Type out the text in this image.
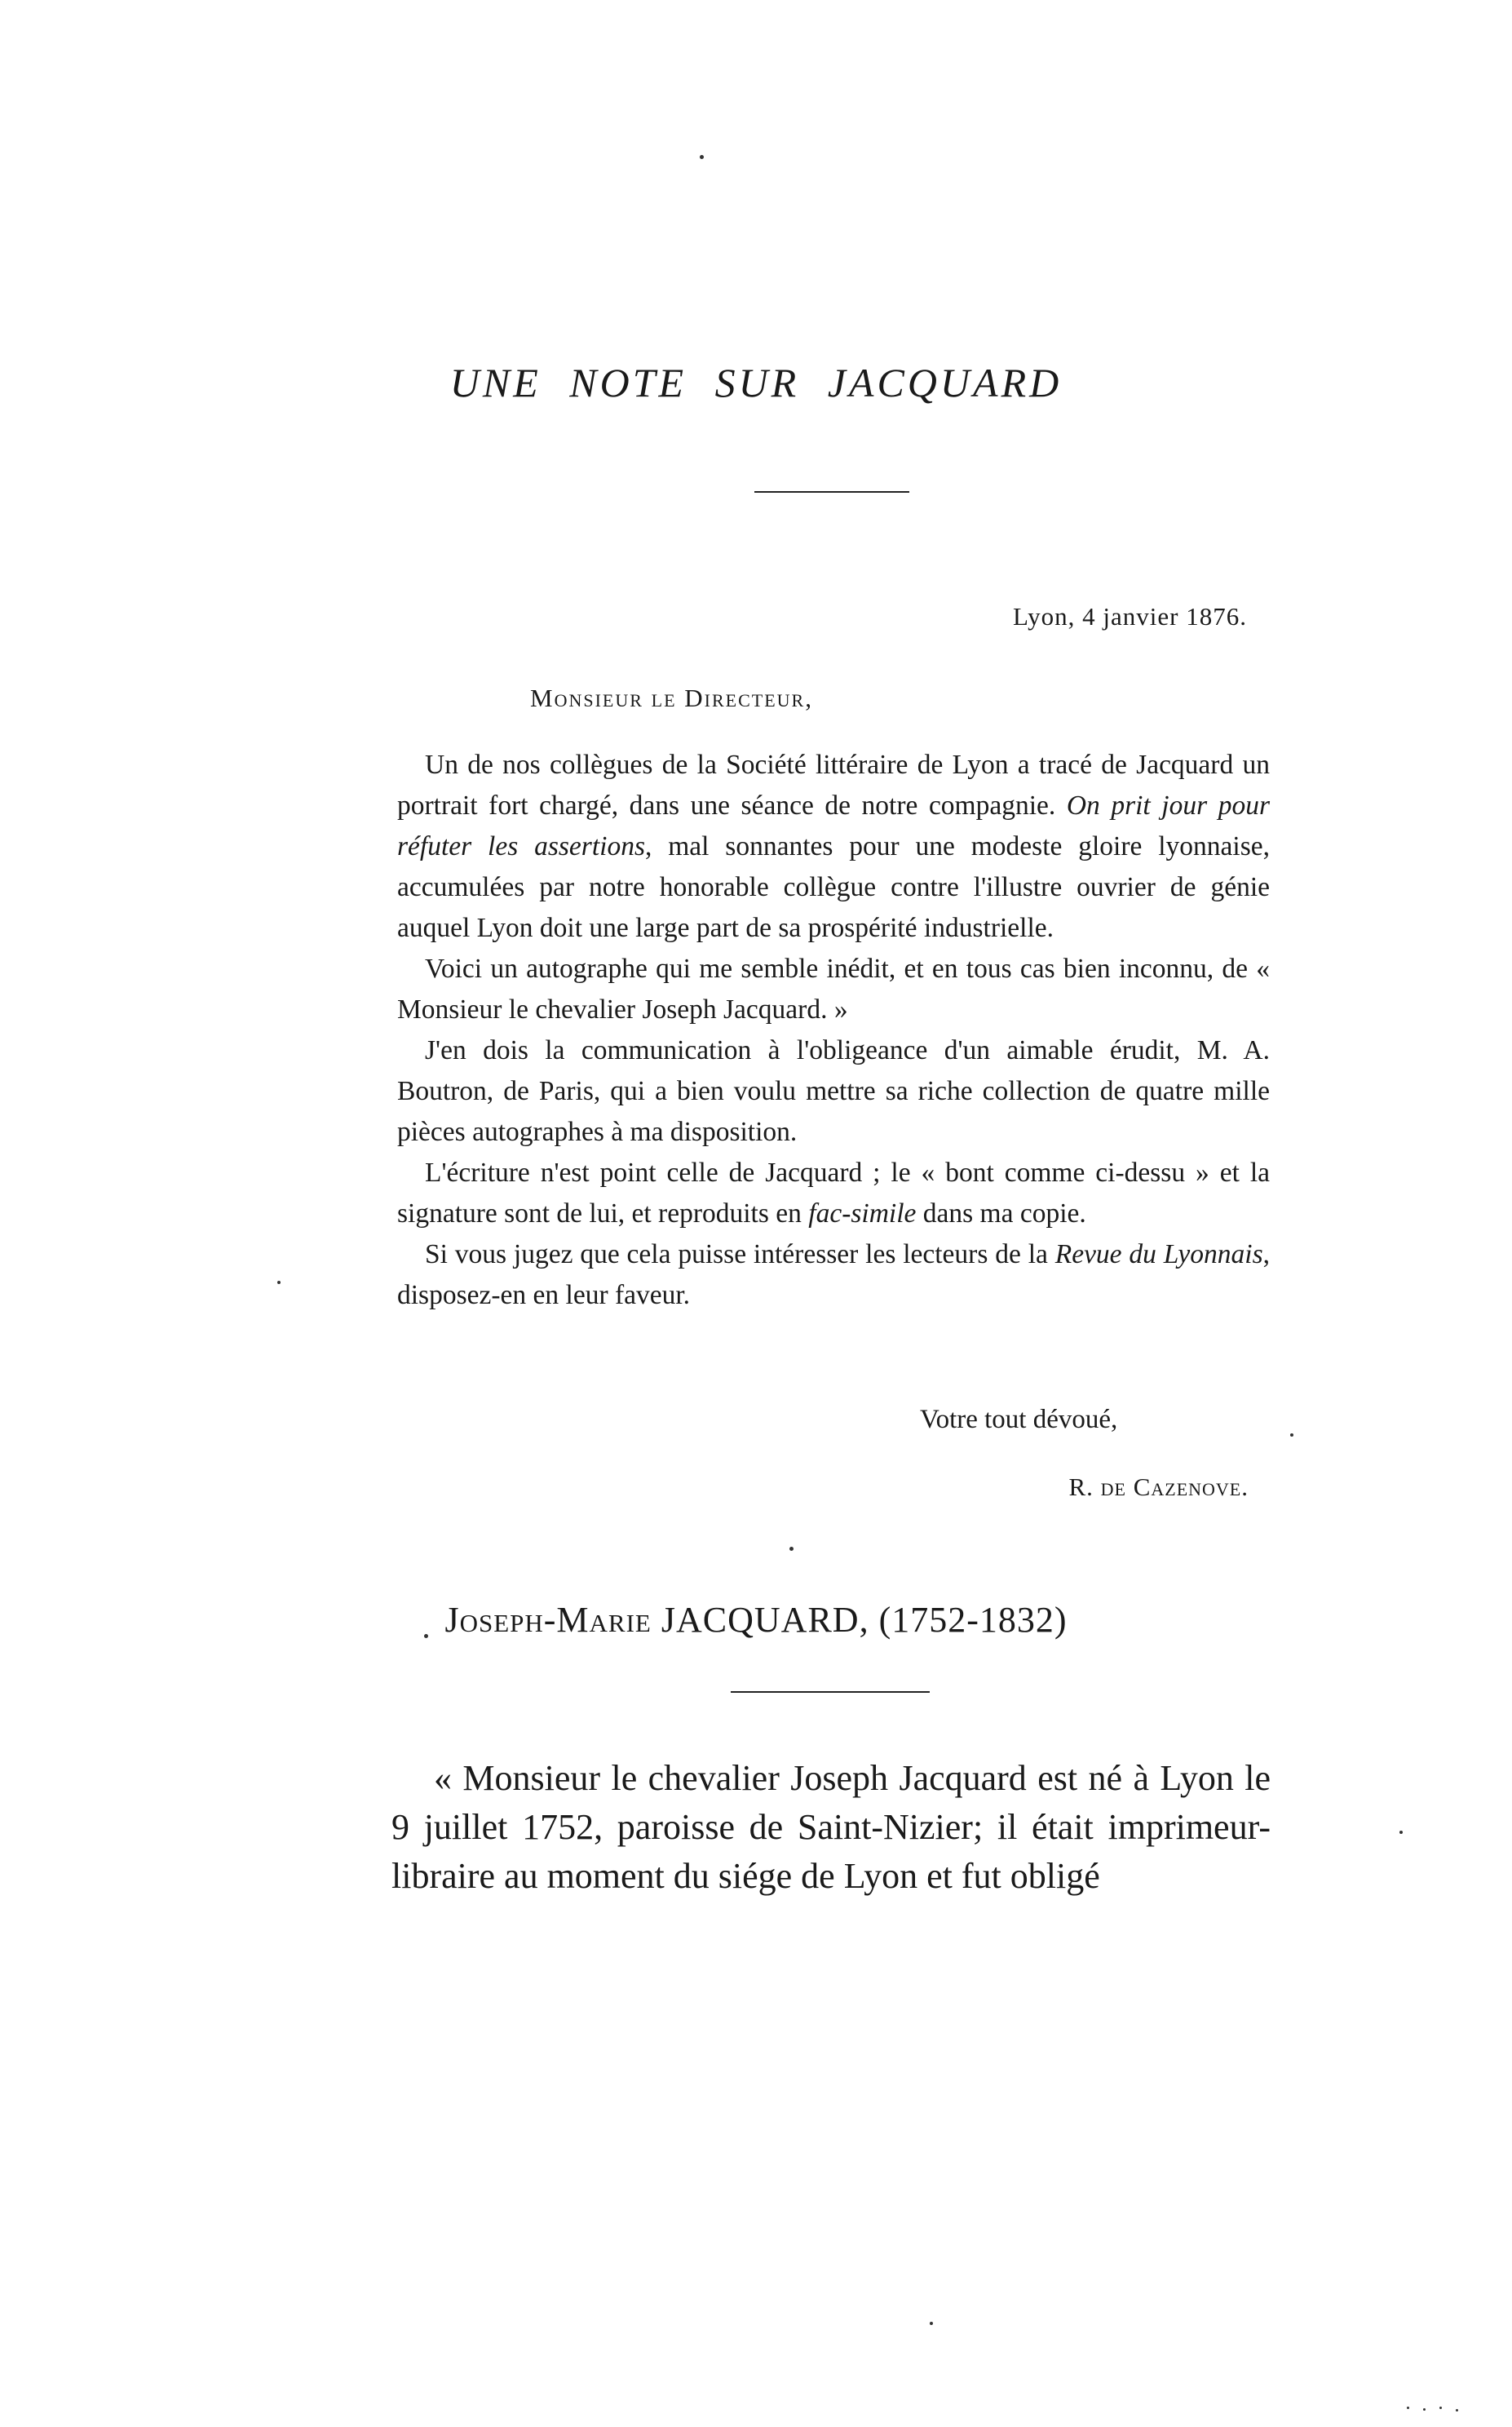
UNE NOTE SUR JACQUARD
Lyon, 4 janvier 1876.
Monsieur le Directeur,

Un de nos collègues de la Société littéraire de Lyon a tracé de Jacquard un portrait fort chargé, dans une séance de notre compagnie. On prit jour pour réfuter les assertions, mal sonnantes pour une modeste gloire lyonnaise, accumulées par notre honorable collègue contre l'illustre ouvrier de génie auquel Lyon doit une large part de sa prospérité industrielle.

Voici un autographe qui me semble inédit, et en tous cas bien inconnu, de « Monsieur le chevalier Joseph Jacquard. »

J'en dois la communication à l'obligeance d'un aimable érudit, M. A. Boutron, de Paris, qui a bien voulu mettre sa riche collection de quatre mille pièces autographes à ma disposition.

L'écriture n'est point celle de Jacquard ; le « bont comme ci-dessu » et la signature sont de lui, et reproduits en fac-simile dans ma copie.

Si vous jugez que cela puisse intéresser les lecteurs de la Revue du Lyonnais, disposez-en en leur faveur.

Votre tout dévoué,
R. de Cazenove.
Joseph-Marie JACQUARD, (1752-1832)

« Monsieur le chevalier Joseph Jacquard est né à Lyon le 9 juillet 1752, paroisse de Saint-Nizier; il était imprimeur-libraire au moment du siége de Lyon et fut obligé
